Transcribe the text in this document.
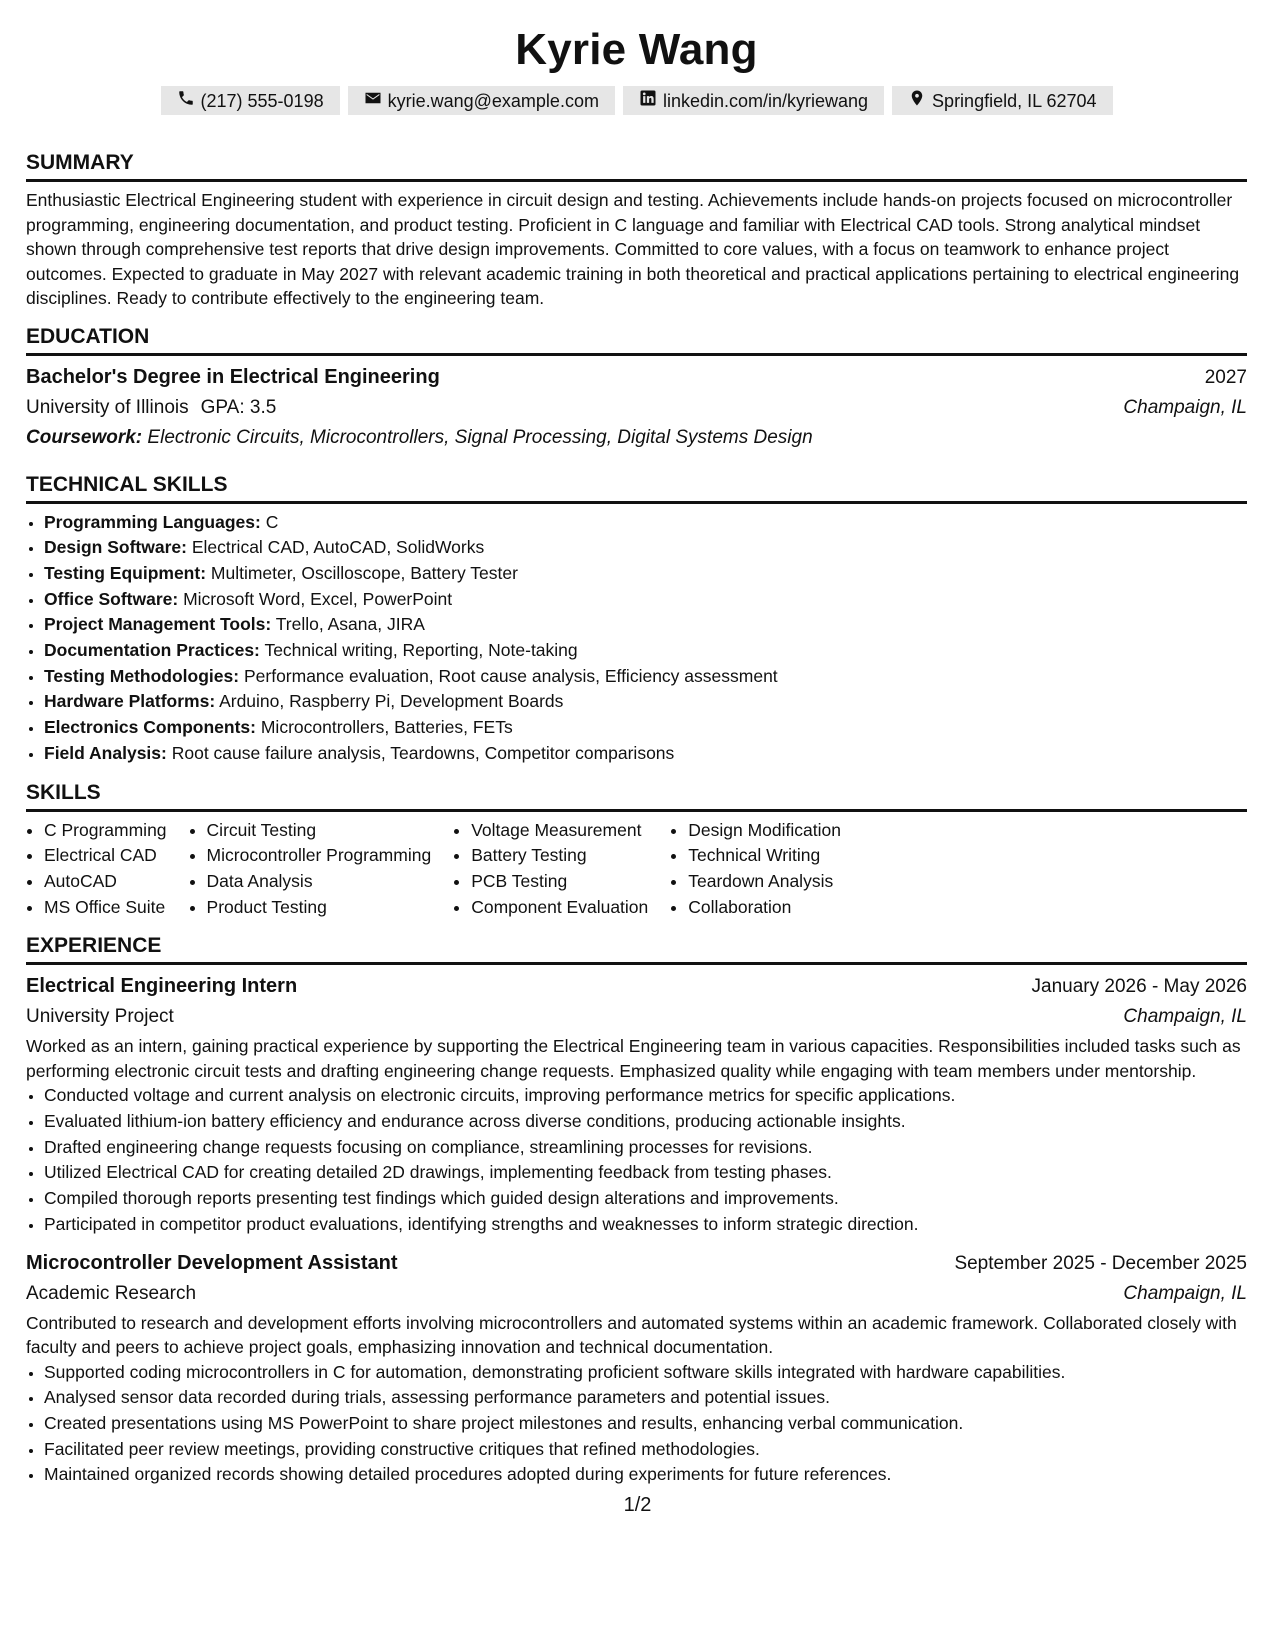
Kyrie Wang
(217) 555-0198	kyrie.wang@example.com	linkedin.com/in/kyriewang	Springfield, IL 62704
SUMMARY
Enthusiastic Electrical Engineering student with experience in circuit design and testing. Achievements include hands-on projects focused on microcontroller programming, engineering documentation, and product testing. Proficient in C language and familiar with Electrical CAD tools. Strong analytical mindset shown through comprehensive test reports that drive design improvements. Committed to core values, with a focus on teamwork to enhance project outcomes. Expected to graduate in May 2027 with relevant academic training in both theoretical and practical applications pertaining to electrical engineering disciplines. Ready to contribute effectively to the engineering team.
EDUCATION
Bachelor's Degree in Electrical Engineering	2027
University of Illinois GPA: 3.5	Champaign, IL
Coursework: Electronic Circuits, Microcontrollers, Signal Processing, Digital Systems Design
TECHNICAL SKILLS
• Programming Languages: C
• Design Software: Electrical CAD, AutoCAD, SolidWorks
• Testing Equipment: Multimeter, Oscilloscope, Battery Tester
• Office Software: Microsoft Word, Excel, PowerPoint
• Project Management Tools: Trello, Asana, JIRA
• Documentation Practices: Technical writing, Reporting, Note-taking
• Testing Methodologies: Performance evaluation, Root cause analysis, Efficiency assessment
• Hardware Platforms: Arduino, Raspberry Pi, Development Boards
• Electronics Components: Microcontrollers, Batteries, FETs
• Field Analysis: Root cause failure analysis, Teardowns, Competitor comparisons
SKILLS
• C Programming
• Electrical CAD
• AutoCAD
• MS Office Suite
• Circuit Testing
• Microcontroller Programming
• Data Analysis
• Product Testing
• Voltage Measurement
• Battery Testing
• PCB Testing
• Component Evaluation
• Design Modification
• Technical Writing
• Teardown Analysis
• Collaboration
EXPERIENCE
Electrical Engineering Intern	January 2026 - May 2026
University Project	Champaign, IL
Worked as an intern, gaining practical experience by supporting the Electrical Engineering team in various capacities. Responsibilities included tasks such as performing electronic circuit tests and drafting engineering change requests. Emphasized quality while engaging with team members under mentorship.
• Conducted voltage and current analysis on electronic circuits, improving performance metrics for specific applications.
• Evaluated lithium-ion battery efficiency and endurance across diverse conditions, producing actionable insights.
• Drafted engineering change requests focusing on compliance, streamlining processes for revisions.
• Utilized Electrical CAD for creating detailed 2D drawings, implementing feedback from testing phases.
• Compiled thorough reports presenting test findings which guided design alterations and improvements.
• Participated in competitor product evaluations, identifying strengths and weaknesses to inform strategic direction.
Microcontroller Development Assistant	September 2025 - December 2025
Academic Research	Champaign, IL
Contributed to research and development efforts involving microcontrollers and automated systems within an academic framework. Collaborated closely with faculty and peers to achieve project goals, emphasizing innovation and technical documentation.
• Supported coding microcontrollers in C for automation, demonstrating proficient software skills integrated with hardware capabilities.
• Analysed sensor data recorded during trials, assessing performance parameters and potential issues.
• Created presentations using MS PowerPoint to share project milestones and results, enhancing verbal communication.
• Facilitated peer review meetings, providing constructive critiques that refined methodologies.
• Maintained organized records showing detailed procedures adopted during experiments for future references.
1/2
